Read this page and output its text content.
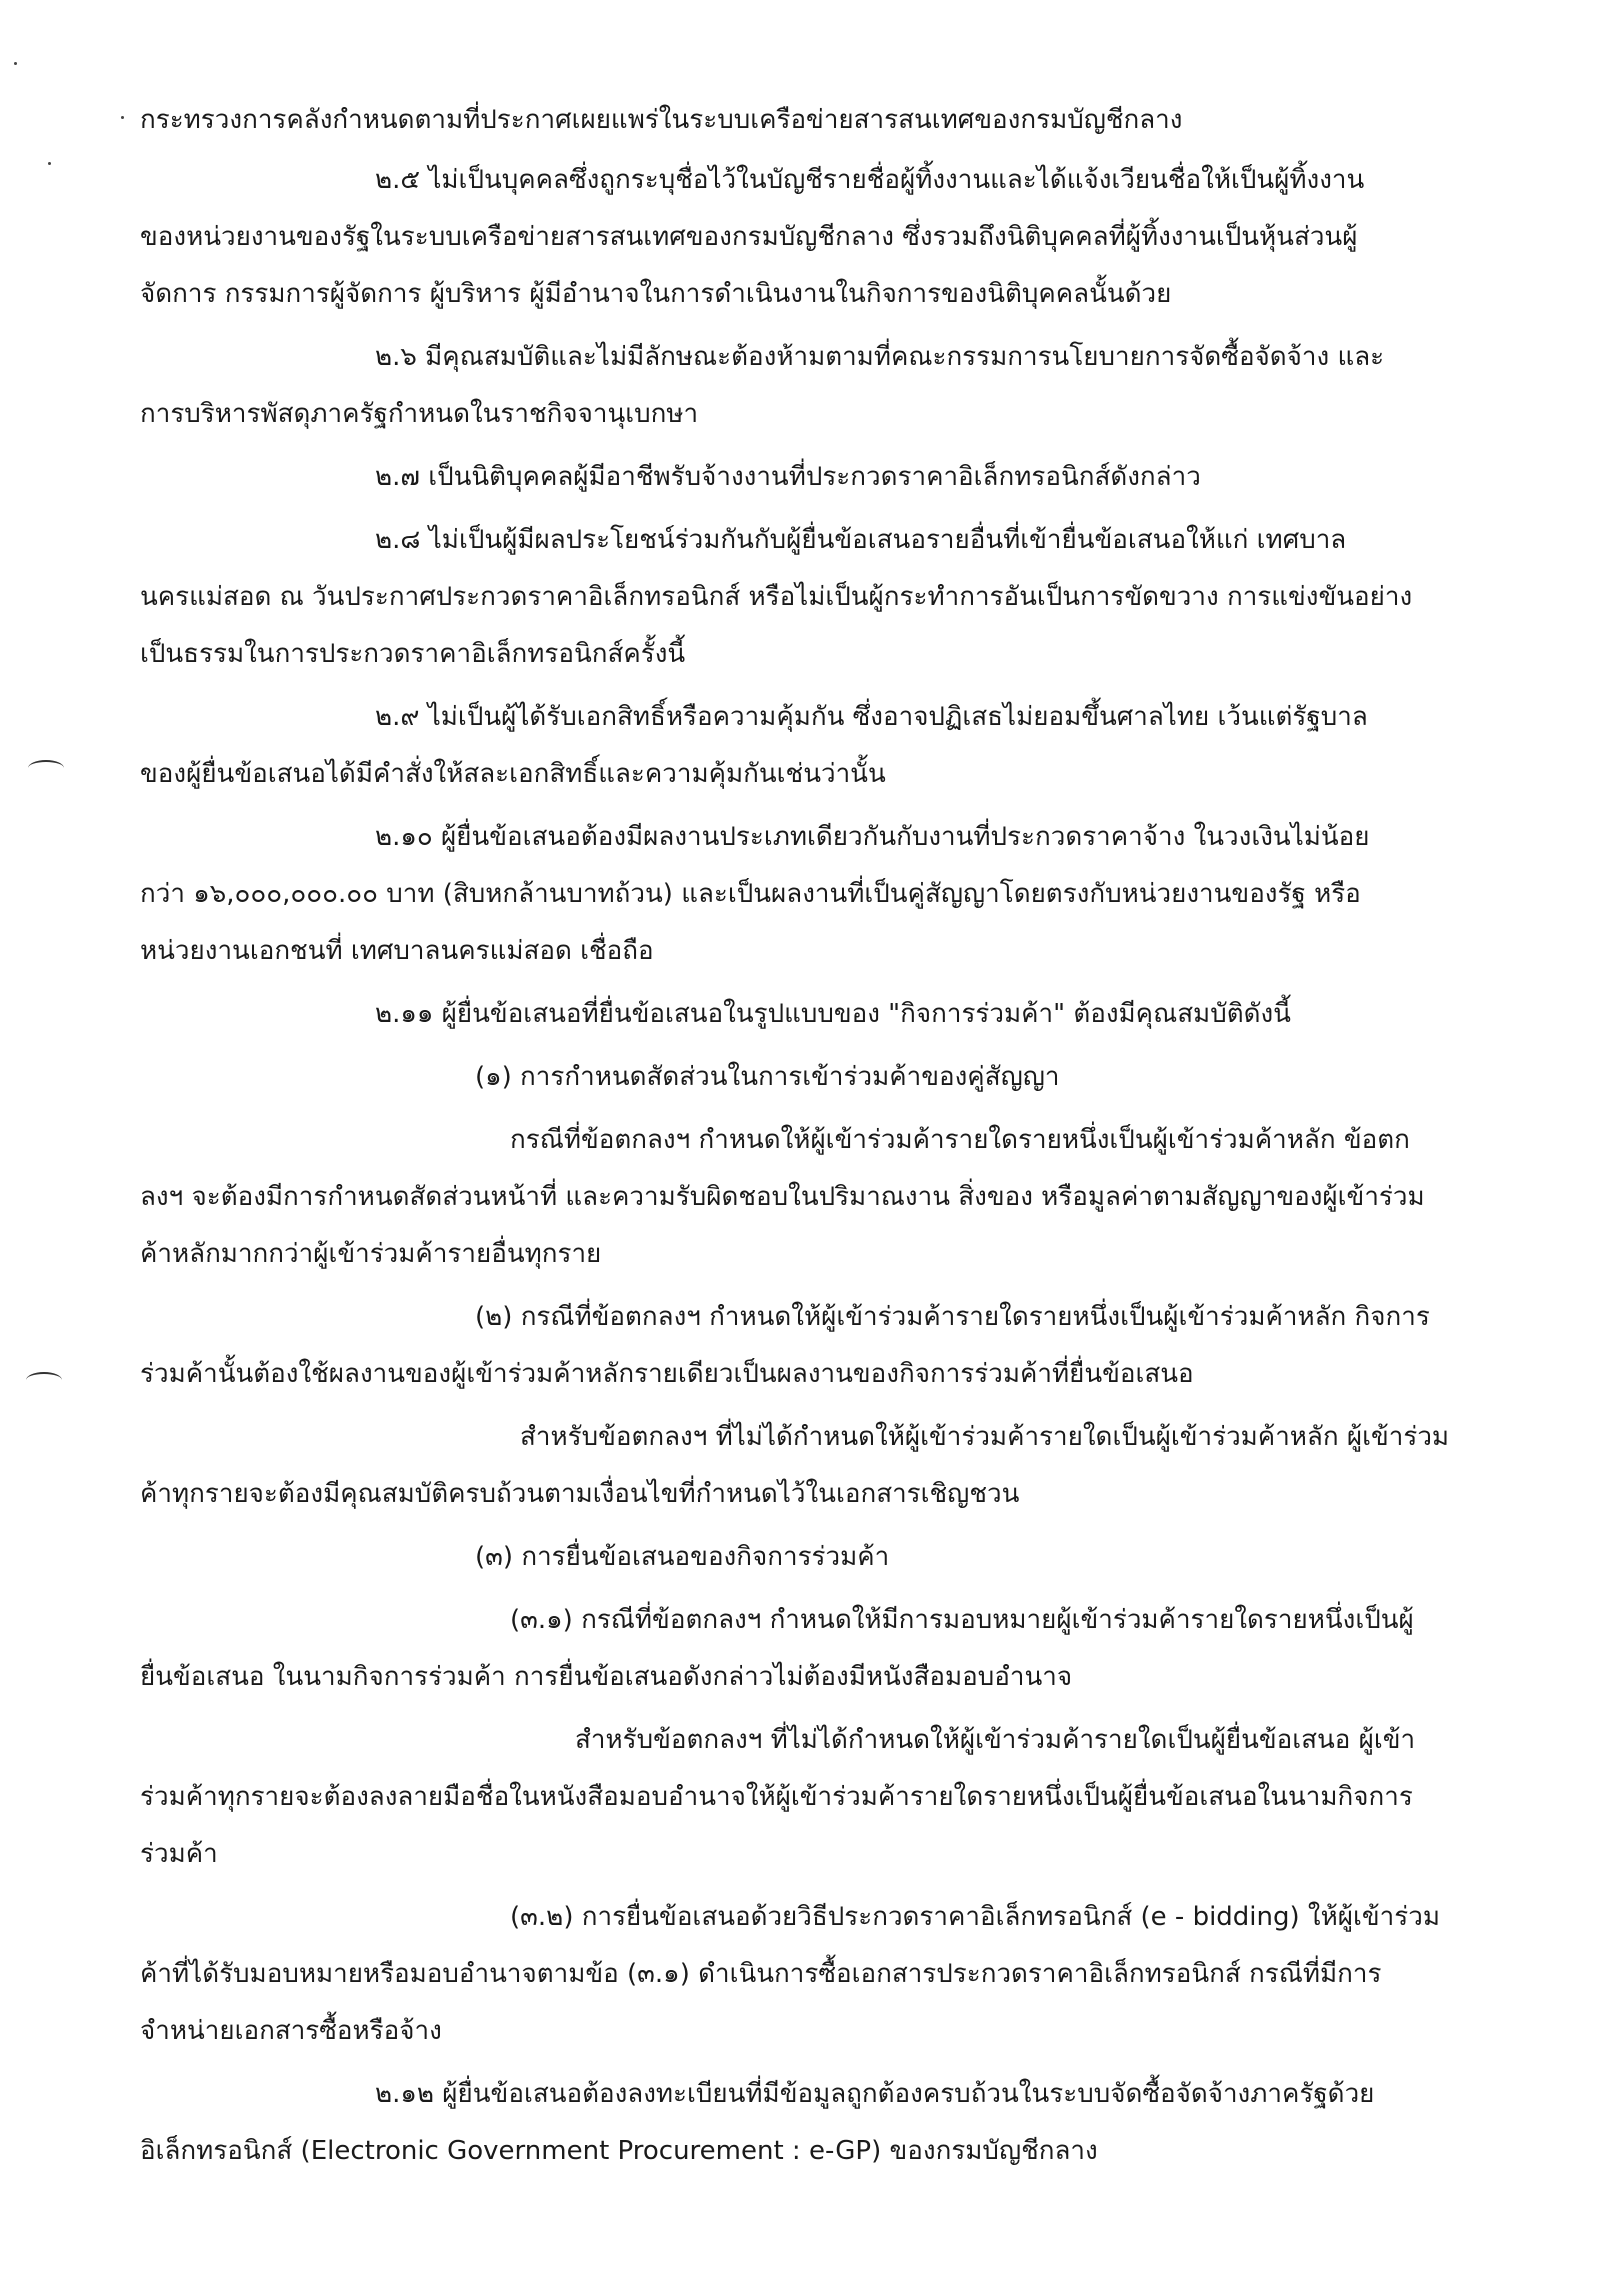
กระทรวงการคลังกำหนดตามที่ประกาศเผยแพร่ในระบบเครือข่ายสารสนเทศของกรมบัญชีกลาง
๒.๕ ไม่เป็นบุคคลซึ่งถูกระบุชื่อไว้ในบัญชีรายชื่อผู้ทิ้งงานและได้แจ้งเวียนชื่อให้เป็นผู้ทิ้งงาน
ของหน่วยงานของรัฐในระบบเครือข่ายสารสนเทศของกรมบัญชีกลาง ซึ่งรวมถึงนิติบุคคลที่ผู้ทิ้งงานเป็นหุ้นส่วนผู้
จัดการ กรรมการผู้จัดการ ผู้บริหาร ผู้มีอำนาจในการดำเนินงานในกิจการของนิติบุคคลนั้นด้วย
๒.๖ มีคุณสมบัติและไม่มีลักษณะต้องห้ามตามที่คณะกรรมการนโยบายการจัดซื้อจัดจ้าง และ
การบริหารพัสดุภาครัฐกำหนดในราชกิจจานุเบกษา
๒.๗ เป็นนิติบุคคลผู้มีอาชีพรับจ้างงานที่ประกวดราคาอิเล็กทรอนิกส์ดังกล่าว
๒.๘ ไม่เป็นผู้มีผลประโยชน์ร่วมกันกับผู้ยื่นข้อเสนอรายอื่นที่เข้ายื่นข้อเสนอให้แก่ เทศบาล
นครแม่สอด ณ วันประกาศประกวดราคาอิเล็กทรอนิกส์ หรือไม่เป็นผู้กระทำการอันเป็นการขัดขวาง การแข่งขันอย่าง
เป็นธรรมในการประกวดราคาอิเล็กทรอนิกส์ครั้งนี้
๒.๙ ไม่เป็นผู้ได้รับเอกสิทธิ์หรือความคุ้มกัน ซึ่งอาจปฏิเสธไม่ยอมขึ้นศาลไทย เว้นแต่รัฐบาล
ของผู้ยื่นข้อเสนอได้มีคำสั่งให้สละเอกสิทธิ์และความคุ้มกันเช่นว่านั้น
๒.๑๐ ผู้ยื่นข้อเสนอต้องมีผลงานประเภทเดียวกันกับงานที่ประกวดราคาจ้าง ในวงเงินไม่น้อย
กว่า ๑๖,๐๐๐,๐๐๐.๐๐ บาท (สิบหกล้านบาทถ้วน) และเป็นผลงานที่เป็นคู่สัญญาโดยตรงกับหน่วยงานของรัฐ หรือ
หน่วยงานเอกชนที่ เทศบาลนครแม่สอด เชื่อถือ
๒.๑๑ ผู้ยื่นข้อเสนอที่ยื่นข้อเสนอในรูปแบบของ "กิจการร่วมค้า" ต้องมีคุณสมบัติดังนี้
(๑) การกำหนดสัดส่วนในการเข้าร่วมค้าของคู่สัญญา
กรณีที่ข้อตกลงฯ กำหนดให้ผู้เข้าร่วมค้ารายใดรายหนึ่งเป็นผู้เข้าร่วมค้าหลัก ข้อตก
ลงฯ จะต้องมีการกำหนดสัดส่วนหน้าที่ และความรับผิดชอบในปริมาณงาน สิ่งของ หรือมูลค่าตามสัญญาของผู้เข้าร่วม
ค้าหลักมากกว่าผู้เข้าร่วมค้ารายอื่นทุกราย
(๒) กรณีที่ข้อตกลงฯ กำหนดให้ผู้เข้าร่วมค้ารายใดรายหนึ่งเป็นผู้เข้าร่วมค้าหลัก กิจการ
ร่วมค้านั้นต้องใช้ผลงานของผู้เข้าร่วมค้าหลักรายเดียวเป็นผลงานของกิจการร่วมค้าที่ยื่นข้อเสนอ
สำหรับข้อตกลงฯ ที่ไม่ได้กำหนดให้ผู้เข้าร่วมค้ารายใดเป็นผู้เข้าร่วมค้าหลัก ผู้เข้าร่วม
ค้าทุกรายจะต้องมีคุณสมบัติครบถ้วนตามเงื่อนไขที่กำหนดไว้ในเอกสารเชิญชวน
(๓) การยื่นข้อเสนอของกิจการร่วมค้า
(๓.๑) กรณีที่ข้อตกลงฯ กำหนดให้มีการมอบหมายผู้เข้าร่วมค้ารายใดรายหนึ่งเป็นผู้
ยื่นข้อเสนอ ในนามกิจการร่วมค้า การยื่นข้อเสนอดังกล่าวไม่ต้องมีหนังสือมอบอำนาจ
สำหรับข้อตกลงฯ ที่ไม่ได้กำหนดให้ผู้เข้าร่วมค้ารายใดเป็นผู้ยื่นข้อเสนอ ผู้เข้า
ร่วมค้าทุกรายจะต้องลงลายมือชื่อในหนังสือมอบอำนาจให้ผู้เข้าร่วมค้ารายใดรายหนึ่งเป็นผู้ยื่นข้อเสนอในนามกิจการ
ร่วมค้า
(๓.๒) การยื่นข้อเสนอด้วยวิธีประกวดราคาอิเล็กทรอนิกส์ (e - bidding) ให้ผู้เข้าร่วม
ค้าที่ได้รับมอบหมายหรือมอบอำนาจตามข้อ (๓.๑) ดำเนินการซื้อเอกสารประกวดราคาอิเล็กทรอนิกส์ กรณีที่มีการ
จำหน่ายเอกสารซื้อหรือจ้าง
๒.๑๒ ผู้ยื่นข้อเสนอต้องลงทะเบียนที่มีข้อมูลถูกต้องครบถ้วนในระบบจัดซื้อจัดจ้างภาครัฐด้วย
อิเล็กทรอนิกส์ (Electronic Government Procurement : e-GP) ของกรมบัญชีกลาง
